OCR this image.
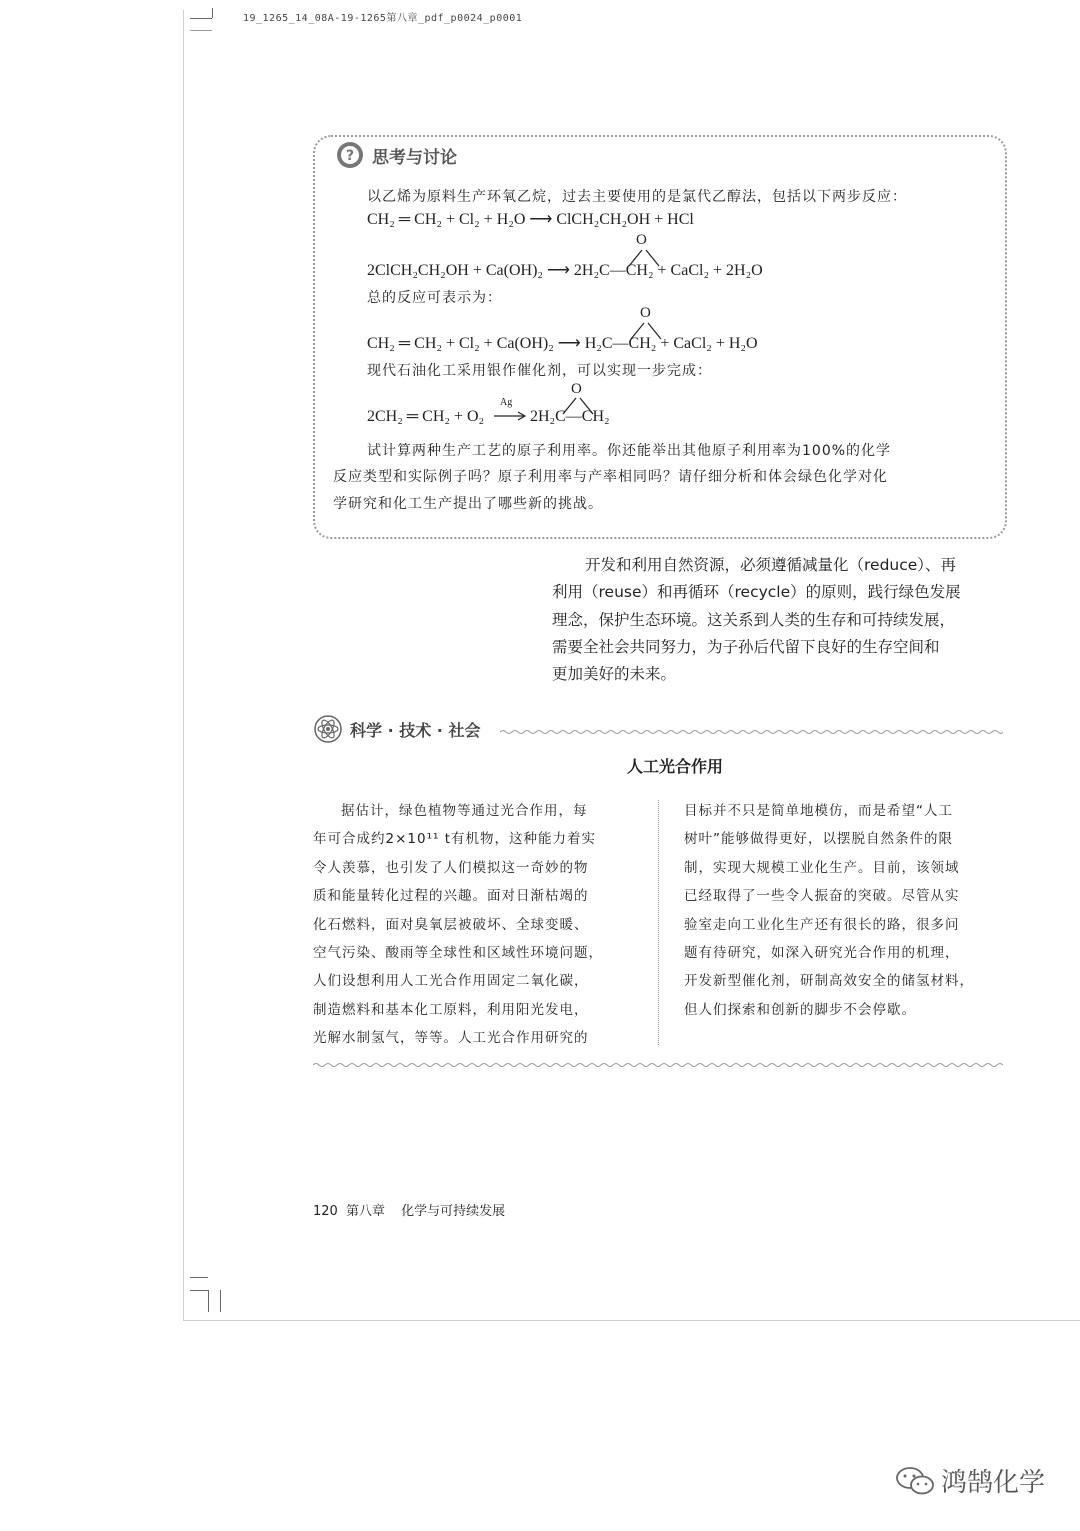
19_1265_14_08A-19-1265第八章_pdf_p0024_p0001
? 思考与讨论
以乙烯为原料生产环氧乙烷，过去主要使用的是氯代乙醇法，包括以下两步反应：
CH₂ ═ CH₂ + Cl₂ + H₂O ⟶ ClCH₂CH₂OH + HCl
O
2ClCH₂CH₂OH + Ca(OH)₂ ⟶ 2H₂C—CH₂ + CaCl₂ + 2H₂O
总的反应可表示为：
O
CH₂ ═ CH₂ + Cl₂ + Ca(OH)₂ ⟶ H₂C—CH₂ + CaCl₂ + H₂O
现代石油化工采用银作催化剂，可以实现一步完成：
O
2CH₂ ═ CH₂ + O₂
Ag
→ 2H₂C—CH₂
试计算两种生产工艺的原子利用率。你还能举出其他原子利用率为100%的化学
反应类型和实际例子吗？原子利用率与产率相同吗？请仔细分析和体会绿色化学对化
学研究和化工生产提出了哪些新的挑战。
开发和利用自然资源，必须遵循减量化（reduce）、再
利用（reuse）和再循环（recycle）的原则，践行绿色发展
理念，保护生态环境。这关系到人类的生存和可持续发展，
需要全社会共同努力，为子孙后代留下良好的生存空间和
更加美好的未来。
科学 · 技术 · 社会
人工光合作用
据估计，绿色植物等通过光合作用，每
年可合成约2×10¹¹ t有机物，这种能力着实
令人羡慕，也引发了人们模拟这一奇妙的物
质和能量转化过程的兴趣。面对日渐枯竭的
化石燃料，面对臭氧层被破坏、全球变暖、
空气污染、酸雨等全球性和区域性环境问题，
人们设想利用人工光合作用固定二氧化碳，
制造燃料和基本化工原料，利用阳光发电，
光解水制氢气，等等。人工光合作用研究的
目标并不只是简单地模仿，而是希望“人工
树叶”能够做得更好，以摆脱自然条件的限
制，实现大规模工业化生产。目前，该领域
已经取得了一些令人振奋的突破。尽管从实
验室走向工业化生产还有很长的路，很多问
题有待研究，如深入研究光合作用的机理，
开发新型催化剂，研制高效安全的储氢材料，
但人们探索和创新的脚步不会停歇。
120 第八章 化学与可持续发展
鸿鹄化学
